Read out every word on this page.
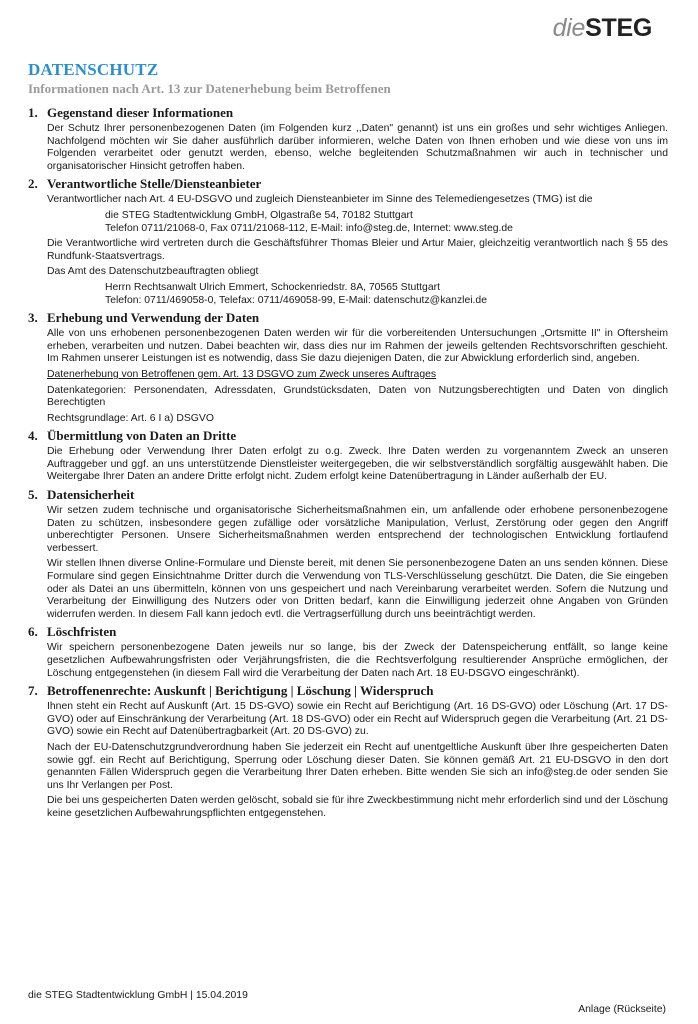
dieSTEG
DATENSCHUTZ
Informationen nach Art. 13 zur Datenerhebung beim Betroffenen
1. Gegenstand dieser Informationen
Der Schutz Ihrer personenbezogenen Daten (im Folgenden kurz ,,Daten" genannt) ist uns ein großes und sehr wichtiges Anliegen. Nachfolgend möchten wir Sie daher ausführlich darüber informieren, welche Daten von Ihnen erhoben und wie diese von uns im Folgenden verarbeitet oder genutzt werden, ebenso, welche begleitenden Schutzmaßnahmen wir auch in technischer und organisatorischer Hinsicht getroffen haben.
2. Verantwortliche Stelle/Diensteanbieter
Verantwortlicher nach Art. 4 EU-DSGVO und zugleich Diensteanbieter im Sinne des Telemediengesetzes (TMG) ist die
die STEG Stadtentwicklung GmbH, Olgastraße 54, 70182 Stuttgart
Telefon 0711/21068-0, Fax 0711/21068-112, E-Mail: info@steg.de, Internet: www.steg.de
Die Verantwortliche wird vertreten durch die Geschäftsführer Thomas Bleier und Artur Maier, gleichzeitig verantwortlich nach § 55 des Rundfunk-Staatsvertrags.
Das Amt des Datenschutzbeauftragten obliegt
Herrn Rechtsanwalt Ulrich Emmert, Schockenriedstr. 8A, 70565 Stuttgart
Telefon: 0711/469058-0, Telefax: 0711/469058-99, E-Mail: datenschutz@kanzlei.de
3. Erhebung und Verwendung der Daten
Alle von uns erhobenen personenbezogenen Daten werden wir für die vorbereitenden Untersuchungen „Ortsmitte II" in Oftersheim erheben, verarbeiten und nutzen. Dabei beachten wir, dass dies nur im Rahmen der jeweils geltenden Rechtsvorschriften geschieht. Im Rahmen unserer Leistungen ist es notwendig, dass Sie dazu diejenigen Daten, die zur Abwicklung erforderlich sind, angeben.
Datenerhebung von Betroffenen gem. Art. 13 DSGVO zum Zweck unseres Auftrages
Datenkategorien: Personendaten, Adressdaten, Grundstücksdaten, Daten von Nutzungsberechtigten und Daten von dinglich Berechtigten
Rechtsgrundlage: Art. 6 I a) DSGVO
4. Übermittlung von Daten an Dritte
Die Erhebung oder Verwendung Ihrer Daten erfolgt zu o.g. Zweck. Ihre Daten werden zu vorgenanntem Zweck an unseren Auftraggeber und ggf. an uns unterstützende Dienstleister weitergegeben, die wir selbstverständlich sorgfältig ausgewählt haben. Die Weitergabe Ihrer Daten an andere Dritte erfolgt nicht. Zudem erfolgt keine Datenübertragung in Länder außerhalb der EU.
5. Datensicherheit
Wir setzen zudem technische und organisatorische Sicherheitsmaßnahmen ein, um anfallende oder erhobene personenbezogene Daten zu schützen, insbesondere gegen zufällige oder vorsätzliche Manipulation, Verlust, Zerstörung oder gegen den Angriff unberechtigter Personen. Unsere Sicherheitsmaßnahmen werden entsprechend der technologischen Entwicklung fortlaufend verbessert.
Wir stellen Ihnen diverse Online-Formulare und Dienste bereit, mit denen Sie personenbezogene Daten an uns senden können. Diese Formulare sind gegen Einsichtnahme Dritter durch die Verwendung von TLS-Verschlüsselung geschützt. Die Daten, die Sie eingeben oder als Datei an uns übermitteln, können von uns gespeichert und nach Vereinbarung verarbeitet werden. Sofern die Nutzung und Verarbeitung der Einwilligung des Nutzers oder von Dritten bedarf, kann die Einwilligung jederzeit ohne Angaben von Gründen widerrufen werden. In diesem Fall kann jedoch evtl. die Vertragserfüllung durch uns beeinträchtigt werden.
6. Löschfristen
Wir speichern personenbezogene Daten jeweils nur so lange, bis der Zweck der Datenspeicherung entfällt, so lange keine gesetzlichen Aufbewahrungsfristen oder Verjährungsfristen, die die Rechtsverfolgung resultierender Ansprüche ermöglichen, der Löschung entgegenstehen (in diesem Fall wird die Verarbeitung der Daten nach Art. 18 EU-DSGVO eingeschränkt).
7. Betroffenenrechte: Auskunft | Berichtigung | Löschung | Widerspruch
Ihnen steht ein Recht auf Auskunft (Art. 15 DS-GVO) sowie ein Recht auf Berichtigung (Art. 16 DS-GVO) oder Löschung (Art. 17 DS-GVO) oder auf Einschränkung der Verarbeitung (Art. 18 DS-GVO) oder ein Recht auf Widerspruch gegen die Verarbeitung (Art. 21 DS-GVO) sowie ein Recht auf Datenübertragbarkeit (Art. 20 DS-GVO) zu.
Nach der EU-Datenschutzgrundverordnung haben Sie jederzeit ein Recht auf unentgeltliche Auskunft über Ihre gespeicherten Daten sowie ggf. ein Recht auf Berichtigung, Sperrung oder Löschung dieser Daten. Sie können gemäß Art. 21 EU-DSGVO in den dort genannten Fällen Widerspruch gegen die Verarbeitung Ihrer Daten erheben. Bitte wenden Sie sich an info@steg.de oder senden Sie uns Ihr Verlangen per Post.
Die bei uns gespeicherten Daten werden gelöscht, sobald sie für ihre Zweckbestimmung nicht mehr erforderlich sind und der Löschung keine gesetzlichen Aufbewahrungspflichten entgegenstehen.
die STEG Stadtentwicklung GmbH | 15.04.2019
Anlage (Rückseite)
